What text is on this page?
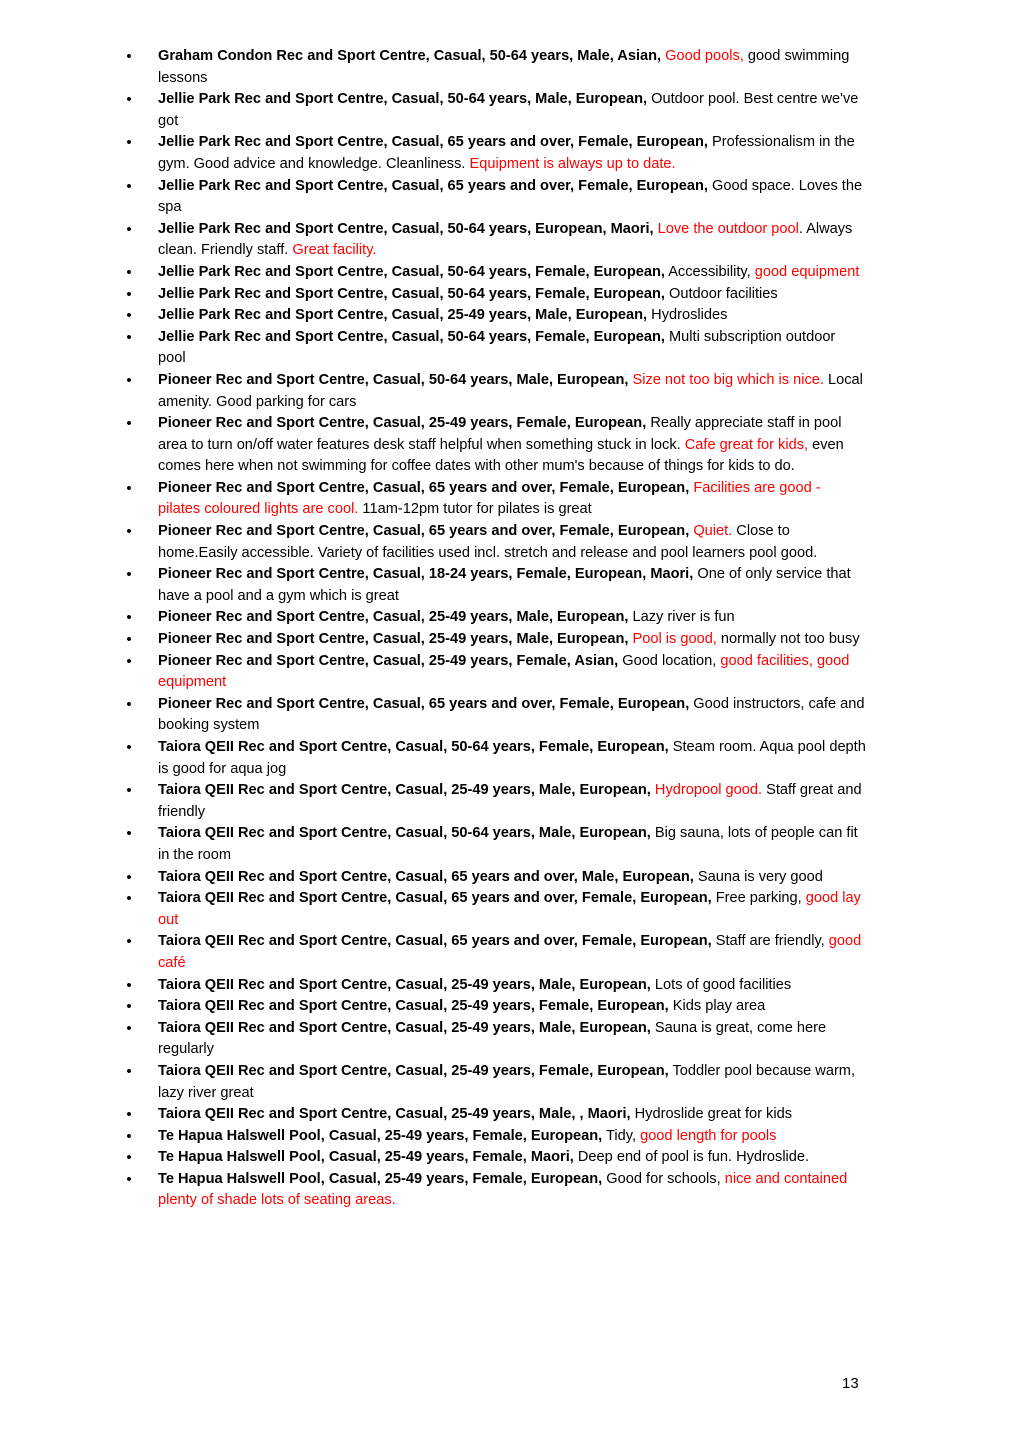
• Graham Condon Rec and Sport Centre, Casual, 50-64 years, Male, Asian, Good pools, good swimming lessons
• Jellie Park Rec and Sport Centre, Casual, 50-64 years, Male, European, Outdoor pool. Best centre we've got
• Jellie Park Rec and Sport Centre, Casual, 65 years and over, Female, European, Professionalism in the gym. Good advice and knowledge. Cleanliness. Equipment is always up to date.
• Jellie Park Rec and Sport Centre, Casual, 65 years and over, Female, European, Good space. Loves the spa
• Jellie Park Rec and Sport Centre, Casual, 50-64 years, European, Maori, Love the outdoor pool. Always clean. Friendly staff. Great facility.
• Jellie Park Rec and Sport Centre, Casual, 50-64 years, Female, European, Accessibility, good equipment
• Jellie Park Rec and Sport Centre, Casual, 50-64 years, Female, European, Outdoor facilities
• Jellie Park Rec and Sport Centre, Casual, 25-49 years, Male, European, Hydroslides
• Jellie Park Rec and Sport Centre, Casual, 50-64 years, Female, European, Multi subscription outdoor pool
• Pioneer Rec and Sport Centre, Casual, 50-64 years, Male, European, Size not too big which is nice. Local amenity. Good parking for cars
• Pioneer Rec and Sport Centre, Casual, 25-49 years, Female, European, Really appreciate staff in pool area to turn on/off water features desk staff helpful when something stuck in lock. Cafe great for kids, even comes here when not swimming for coffee dates with other mum's because of things for kids to do.
• Pioneer Rec and Sport Centre, Casual, 65 years and over, Female, European, Facilities are good - pilates coloured lights are cool. 11am-12pm tutor for pilates is great
• Pioneer Rec and Sport Centre, Casual, 65 years and over, Female, European, Quiet. Close to home.Easily accessible. Variety of facilities used incl. stretch and release and pool learners pool good.
• Pioneer Rec and Sport Centre, Casual, 18-24 years, Female, European, Maori, One of only service that have a pool and a gym which is great
• Pioneer Rec and Sport Centre, Casual, 25-49 years, Male, European, Lazy river is fun
• Pioneer Rec and Sport Centre, Casual, 25-49 years, Male, European, Pool is good, normally not too busy
• Pioneer Rec and Sport Centre, Casual, 25-49 years, Female, Asian, Good location, good facilities, good equipment
• Pioneer Rec and Sport Centre, Casual, 65 years and over, Female, European, Good instructors, cafe and booking system
• Taiora QEII Rec and Sport Centre, Casual, 50-64 years, Female, European, Steam room. Aqua pool depth is good for aqua jog
• Taiora QEII Rec and Sport Centre, Casual, 25-49 years, Male, European, Hydropool good. Staff great and friendly
• Taiora QEII Rec and Sport Centre, Casual, 50-64 years, Male, European, Big sauna, lots of people can fit in the room
• Taiora QEII Rec and Sport Centre, Casual, 65 years and over, Male, European, Sauna is very good
• Taiora QEII Rec and Sport Centre, Casual, 65 years and over, Female, European, Free parking, good lay out
• Taiora QEII Rec and Sport Centre, Casual, 65 years and over, Female, European, Staff are friendly, good café
• Taiora QEII Rec and Sport Centre, Casual, 25-49 years, Male, European, Lots of good facilities
• Taiora QEII Rec and Sport Centre, Casual, 25-49 years, Female, European, Kids play area
• Taiora QEII Rec and Sport Centre, Casual, 25-49 years, Male, European, Sauna is great, come here regularly
• Taiora QEII Rec and Sport Centre, Casual, 25-49 years, Female, European, Toddler pool because warm, lazy river great
• Taiora QEII Rec and Sport Centre, Casual, 25-49 years, Male, , Maori, Hydroslide great for kids
• Te Hapua Halswell Pool, Casual, 25-49 years, Female, European, Tidy, good length for pools
• Te Hapua Halswell Pool, Casual, 25-49 years, Female, Maori, Deep end of pool is fun. Hydroslide.
• Te Hapua Halswell Pool, Casual, 25-49 years, Female, European, Good for schools, nice and contained plenty of shade lots of seating areas.
13
